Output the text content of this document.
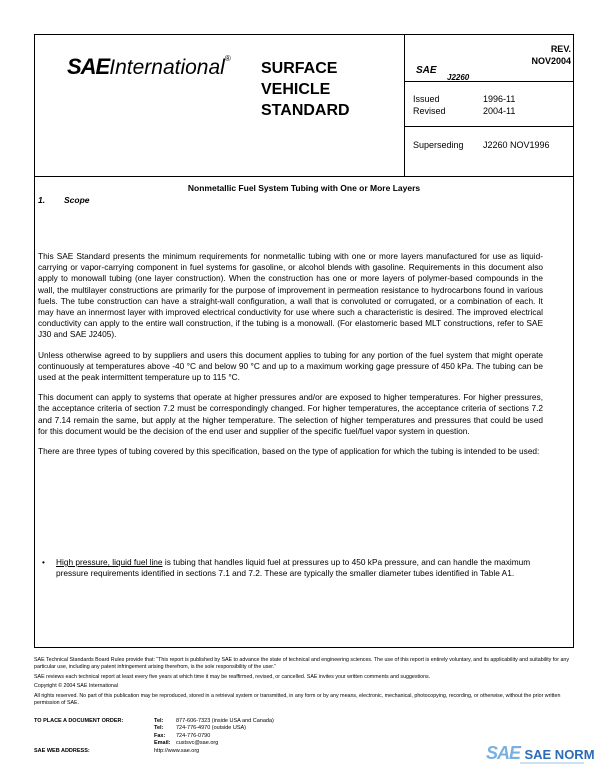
SAEInternational®
SURFACE
VEHICLE
STANDARD
SAE
J2260
REV.
NOV2004
Issued	1996-11
Revised	2004-11
Superseding J2260 NOV1996
Nonmetallic Fuel System Tubing with One or More Layers
1. Scope

This SAE Standard presents the minimum requirements for nonmetallic tubing with one or more layers manufactured for use as liquid-carrying or vapor-carrying component in fuel systems for gasoline, or alcohol blends with gasoline. Requirements in this document also apply to monowall tubing (one layer construction). When the construction has one or more layers of polymer-based compounds in the wall, the multilayer constructions are primarily for the purpose of improvement in permeation resistance to hydrocarbons found in various fuels. The tube construction can have a straight-wall configuration, a wall that is convoluted or corrugated, or a combination of each. It may have an innermost layer with improved electrical conductivity for use where such a characteristic is desired. The improved electrical conductivity can apply to the entire wall construction, if the tubing is a monowall. (For elastomeric based MLT constructions, refer to SAE J30 and SAE J2405).

Unless otherwise agreed to by suppliers and users this document applies to tubing for any portion of the fuel system that might operate continuously at temperatures above -40 °C and below 90 °C and up to a maximum working gage pressure of 450 kPa. The tubing can be used at the peak intermittent temperature up to 115 °C.

This document can apply to systems that operate at higher pressures and/or are exposed to higher temperatures. For higher pressures, the acceptance criteria of section 7.2 must be correspondingly changed. For higher temperatures, the acceptance criteria of sections 7.2 and 7.14 remain the same, but apply at the higher temperature. The selection of higher temperatures and pressures that could be used for this document would be the decision of the end user and supplier of the specific fuel/fuel vapor system in question.

There are three types of tubing covered by this specification, based on the type of application for which the tubing is intended to be used:

• High pressure, liquid fuel line is tubing that handles liquid fuel at pressures up to 450 kPa pressure, and can handle the maximum pressure requirements identified in sections 7.1 and 7.2. These are typically the smaller diameter tubes identified in Table A1.

SAE Technical Standards Board Rules provide that: “This report is published by SAE to advance the state of technical and engineering sciences. The use of this report is entirely voluntary, and its applicability and suitability for any particular use, including any patent infringement arising therefrom, is the sole responsibility of the user.”

SAE reviews each technical report at least every five years at which time it may be reaffirmed, revised, or cancelled. SAE invites your written comments and suggestions.

Copyright © 2004 SAE International

All rights reserved. No part of this publication may be reproduced, stored in a retrieval system or transmitted, in any form or by any means, electronic, mechanical, photocopying, recording, or otherwise, without the prior written permission of SAE.

TO PLACE A DOCUMENT ORDER:	Tel: 877-606-7323 (inside USA and Canada)
Tel: 724-776-4970 (outside USA)
Fax: 724-776-0790
Email: custsvc@sae.org
SAE WEB ADDRESS:	http://www.sae.org	SAE SAE NORM
